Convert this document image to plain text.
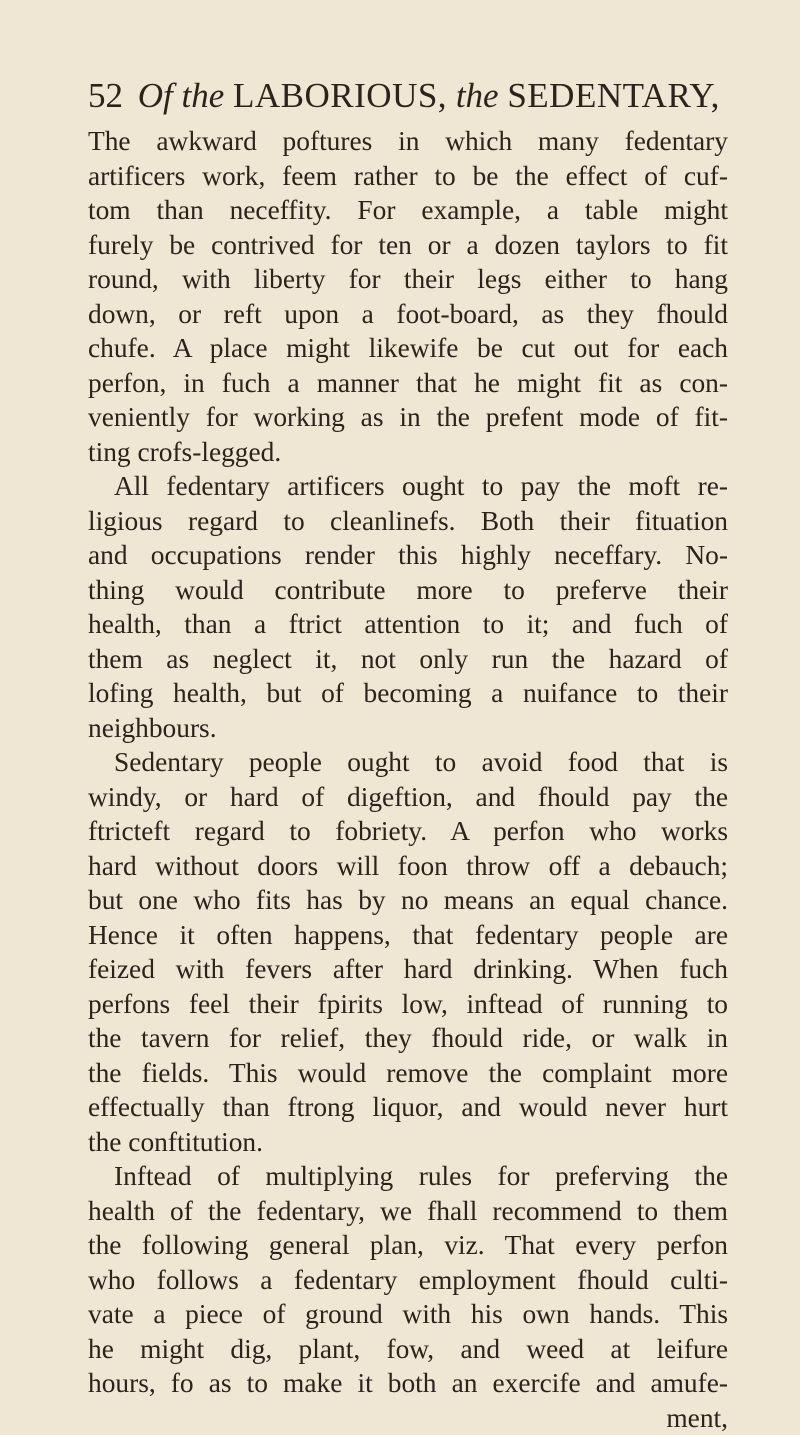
52 Of the LABORIOUS, the SEDENTARY,
The awkward poftures in which many fedentary
artificers work, feem rather to be the effect of cuf-
tom than neceffity. For example, a table might
furely be contrived for ten or a dozen taylors to fit
round, with liberty for their legs either to hang
down, or reft upon a foot-board, as they fhould
chufe. A place might likewife be cut out for each
perfon, in fuch a manner that he might fit as con-
veniently for working as in the prefent mode of fit-
ting crofs-legged.
All fedentary artificers ought to pay the moft re-
ligious regard to cleanlinefs. Both their fituation
and occupations render this highly neceffary. No-
thing would contribute more to preferve their
health, than a ftrict attention to it; and fuch of
them as neglect it, not only run the hazard of
lofing health, but of becoming a nuifance to their
neighbours.
Sedentary people ought to avoid food that is
windy, or hard of digeftion, and fhould pay the
ftricteft regard to fobriety. A perfon who works
hard without doors will foon throw off a debauch;
but one who fits has by no means an equal chance.
Hence it often happens, that fedentary people are
feized with fevers after hard drinking. When fuch
perfons feel their fpirits low, inftead of running to
the tavern for relief, they fhould ride, or walk in
the fields. This would remove the complaint more
effectually than ftrong liquor, and would never hurt
the conftitution.
Inftead of multiplying rules for preferving the
health of the fedentary, we fhall recommend to them
the following general plan, viz. That every perfon
who follows a fedentary employment fhould culti-
vate a piece of ground with his own hands. This
he might dig, plant, fow, and weed at leifure
hours, fo as to make it both an exercife and amufe-
ment,
